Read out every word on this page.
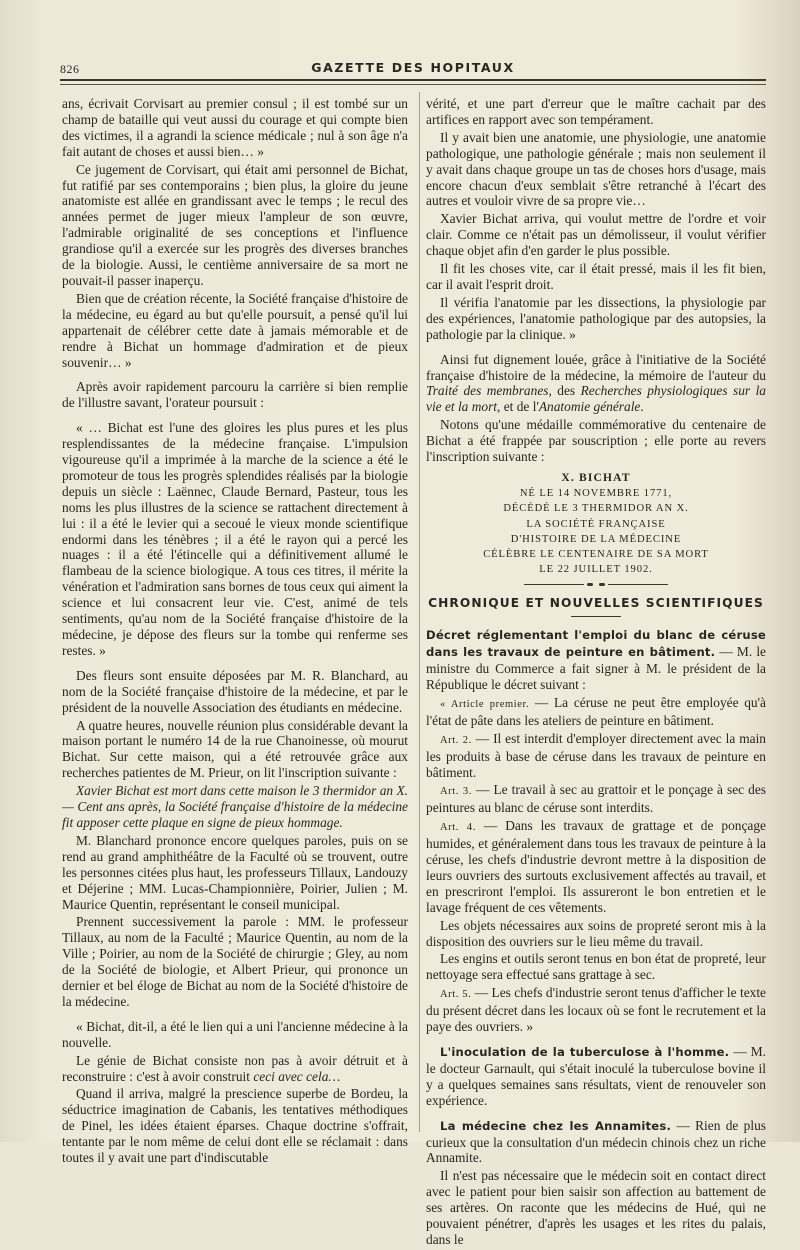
826	GAZETTE DES HOPITAUX

ans, écrivait Corvisart au premier consul ; il est tombé sur un champ de bataille qui veut aussi du courage et qui compte bien des victimes, il a agrandi la science médicale ; nul à son âge n'a fait autant de choses et aussi bien… »

Ce jugement de Corvisart, qui était ami personnel de Bichat, fut ratifié par ses contemporains ; bien plus, la gloire du jeune anatomiste est allée en grandissant avec le temps ; le recul des années permet de juger mieux l'ampleur de son œuvre, l'admirable originalité de ses conceptions et l'influence grandiose qu'il a exercée sur les progrès des diverses branches de la biologie. Aussi, le centième anniversaire de sa mort ne pouvait-il passer inaperçu.

Bien que de création récente, la Société française d'histoire de la médecine, eu égard au but qu'elle poursuit, a pensé qu'il lui appartenait de célébrer cette date à jamais mémorable et de rendre à Bichat un hommage d'admiration et de pieux souvenir… »

Après avoir rapidement parcouru la carrière si bien remplie de l'illustre savant, l'orateur poursuit :

« … Bichat est l'une des gloires les plus pures et les plus resplendissantes de la médecine française. L'impulsion vigoureuse qu'il a imprimée à la marche de la science a été le promoteur de tous les progrès splendides réalisés par la biologie depuis un siècle : Laënnec, Claude Bernard, Pasteur, tous les noms les plus illustres de la science se rattachent directement à lui : il a été le levier qui a secoué le vieux monde scientifique endormi dans les ténèbres ; il a été le rayon qui a percé les nuages : il a été l'étincelle qui a définitivement allumé le flambeau de la science biologique. A tous ces titres, il mérite la vénération et l'admiration sans bornes de tous ceux qui aiment la science et lui consacrent leur vie. C'est, animé de tels sentiments, qu'au nom de la Société française d'histoire de la médecine, je dépose des fleurs sur la tombe qui renferme ses restes. »

Des fleurs sont ensuite déposées par M. R. Blanchard, au nom de la Société française d'histoire de la médecine, et par le président de la nouvelle Association des étudiants en médecine.

A quatre heures, nouvelle réunion plus considérable devant la maison portant le numéro 14 de la rue Chanoinesse, où mourut Bichat. Sur cette maison, qui a été retrouvée grâce aux recherches patientes de M. Prieur, on lit l'inscription suivante :

Xavier Bichat est mort dans cette maison le 3 thermidor an X. — Cent ans après, la Société française d'histoire de la médecine fit apposer cette plaque en signe de pieux hommage.

M. Blanchard prononce encore quelques paroles, puis on se rend au grand amphithéâtre de la Faculté où se trouvent, outre les personnes citées plus haut, les professeurs Tillaux, Landouzy et Déjerine ; MM. Lucas-Championnière, Poirier, Julien ; M. Maurice Quentin, représentant le conseil municipal.

Prennent successivement la parole : MM. le professeur Tillaux, au nom de la Faculté ; Maurice Quentin, au nom de la Ville ; Poirier, au nom de la Société de chirurgie ; Gley, au nom de la Société de biologie, et Albert Prieur, qui prononce un dernier et bel éloge de Bichat au nom de la Société d'histoire de la médecine.

« Bichat, dit-il, a été le lien qui a uni l'ancienne médecine à la nouvelle.

Le génie de Bichat consiste non pas à avoir détruit et à reconstruire : c'est à avoir construit ceci avec cela…

Quand il arriva, malgré la prescience superbe de Bordeu, la séductrice imagination de Cabanis, les tentatives méthodiques de Pinel, les idées étaient éparses. Chaque doctrine s'offrait, tentante par le nom même de celui dont elle se réclamait : dans toutes il y avait une part d'indiscutable

vérité, et une part d'erreur que le maître cachait par des artifices en rapport avec son tempérament.

Il y avait bien une anatomie, une physiologie, une anatomie pathologique, une pathologie générale ; mais non seulement il y avait dans chaque groupe un tas de choses hors d'usage, mais encore chacun d'eux semblait s'être retranché à l'écart des autres et vouloir vivre de sa propre vie…

Xavier Bichat arriva, qui voulut mettre de l'ordre et voir clair. Comme ce n'était pas un démolisseur, il voulut vérifier chaque objet afin d'en garder le plus possible.

Il fit les choses vite, car il était pressé, mais il les fit bien, car il avait l'esprit droit.

Il vérifia l'anatomie par les dissections, la physiologie par des expériences, l'anatomie pathologique par des autopsies, la pathologie par la clinique. »

Ainsi fut dignement louée, grâce à l'initiative de la Société française d'histoire de la médecine, la mémoire de l'auteur du Traité des membranes, des Recherches physiologiques sur la vie et la mort, et de l'Anatomie générale.

Notons qu'une médaille commémorative du centenaire de Bichat a été frappée par souscription ; elle porte au revers l'inscription suivante :

X. BICHAT
NÉ LE 14 NOVEMBRE 1771,
DÉCÉDÉ LE 3 THERMIDOR AN X.
LA SOCIÉTÉ FRANÇAISE
D'HISTOIRE DE LA MÉDECINE
CÉLÈBRE LE CENTENAIRE DE SA MORT
LE 22 JUILLET 1902.
CHRONIQUE ET NOUVELLES SCIENTIFIQUES

Décret réglementant l'emploi du blanc de céruse dans les travaux de peinture en bâtiment. — M. le ministre du Commerce a fait signer à M. le président de la République le décret suivant :

« Article premier. — La céruse ne peut être employée qu'à l'état de pâte dans les ateliers de peinture en bâtiment.

Art. 2. — Il est interdit d'employer directement avec la main les produits à base de céruse dans les travaux de peinture en bâtiment.

Art. 3. — Le travail à sec au grattoir et le ponçage à sec des peintures au blanc de céruse sont interdits.

Art. 4. — Dans les travaux de grattage et de ponçage humides, et généralement dans tous les travaux de peinture à la céruse, les chefs d'industrie devront mettre à la disposition de leurs ouvriers des surtouts exclusivement affectés au travail, et en prescriront l'emploi. Ils assureront le bon entretien et le lavage fréquent de ces vêtements.

Les objets nécessaires aux soins de propreté seront mis à la disposition des ouvriers sur le lieu même du travail.

Les engins et outils seront tenus en bon état de propreté, leur nettoyage sera effectué sans grattage à sec.

Art. 5. — Les chefs d'industrie seront tenus d'afficher le texte du présent décret dans les locaux où se font le recrutement et la paye des ouvriers. »

L'inoculation de la tuberculose à l'homme. — M. le docteur Garnault, qui s'était inoculé la tuberculose bovine il y a quelques semaines sans résultats, vient de renouveler son expérience.

La médecine chez les Annamites. — Rien de plus curieux que la consultation d'un médecin chinois chez un riche Annamite.

Il n'est pas nécessaire que le médecin soit en contact direct avec le patient pour bien saisir son affection au battement de ses artères. On raconte que les médecins de Hué, qui ne pouvaient pénétrer, d'après les usages et les rites du palais, dans le
